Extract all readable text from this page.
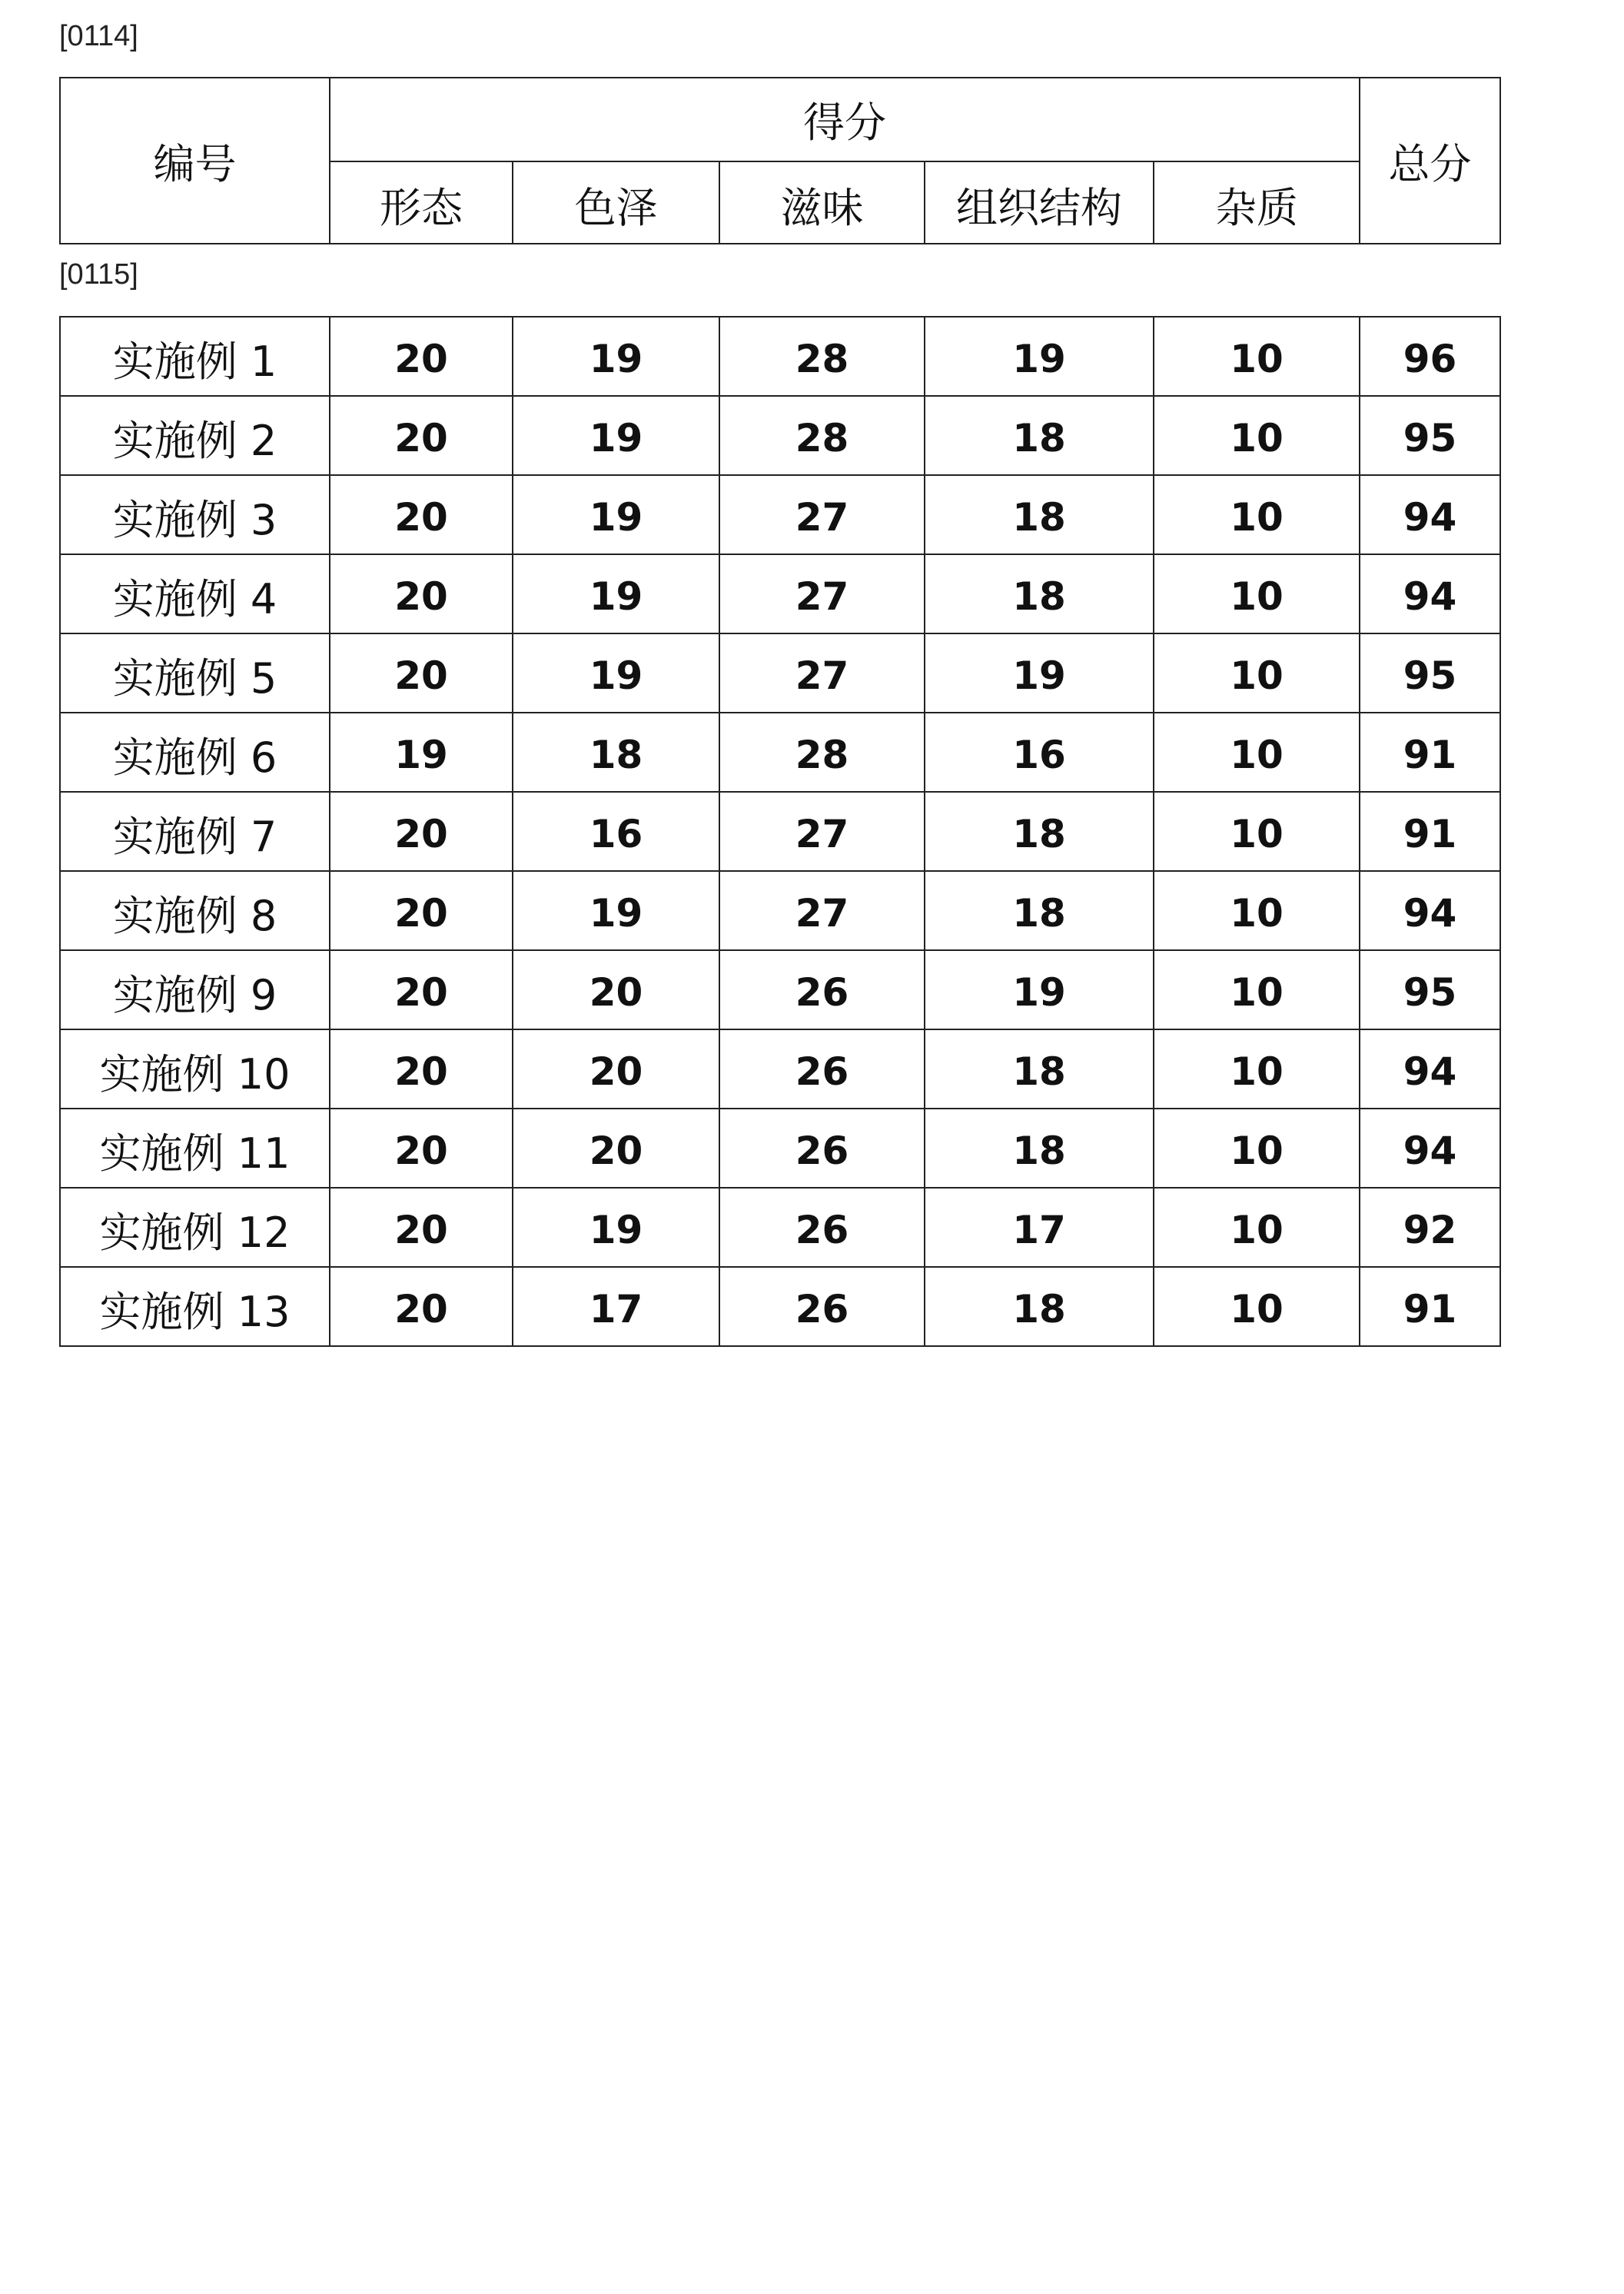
[0114]
编号	得分	总分
形态	色泽	滋味	组织结构	杂质
[0115]
实施例 1	20	19	28	19	10	96
实施例 2	20	19	28	18	10	95
实施例 3	20	19	27	18	10	94
实施例 4	20	19	27	18	10	94
实施例 5	20	19	27	19	10	95
实施例 6	19	18	28	16	10	91
实施例 7	20	16	27	18	10	91
实施例 8	20	19	27	18	10	94
实施例 9	20	20	26	19	10	95
实施例 10	20	20	26	18	10	94
实施例 11	20	20	26	18	10	94
实施例 12	20	19	26	17	10	92
实施例 13	20	17	26	18	10	91
